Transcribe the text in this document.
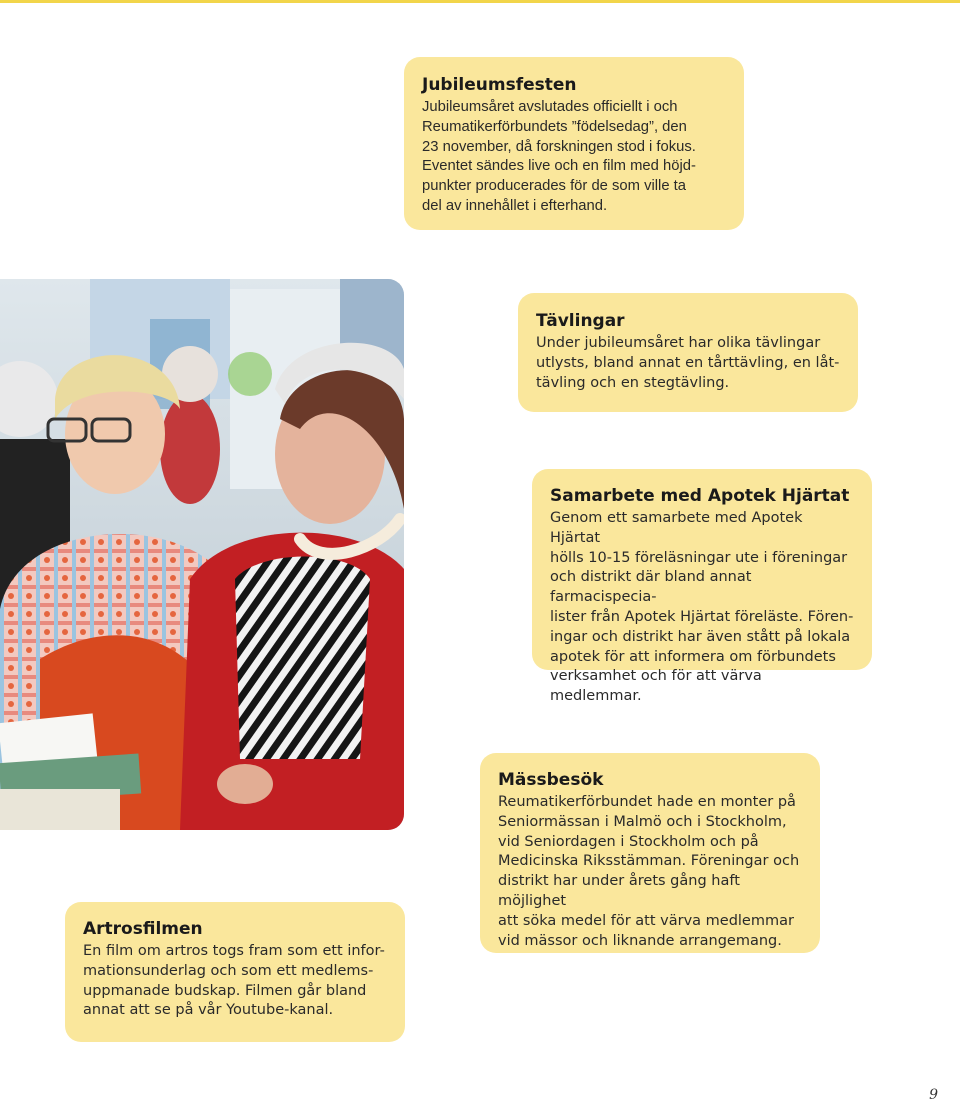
Jubileumsfesten

Jubileumsåret avslutades officiellt i och
Reumatikerförbundets ”födelsedag”, den
23 november, då forskningen stod i fokus.
Eventet sändes live och en film med höjd-
punkter producerades för de som ville ta
del av innehållet i efterhand.

Tävlingar

Under jubileumsåret har olika tävlingar
utlysts, bland annat en tårttävling, en låt-
tävling och en stegtävling.

Samarbete med Apotek Hjärtat

Genom ett samarbete med Apotek Hjärtat
hölls 10-15 föreläsningar ute i föreningar
och distrikt där bland annat farmacispecia-
lister från Apotek Hjärtat föreläste. Fören-
ingar och distrikt har även stått på lokala
apotek för att informera om förbundets
verksamhet och för att värva medlemmar.

Mässbesök

Reumatikerförbundet hade en monter på
Seniormässan i Malmö och i Stockholm,
vid Seniordagen i Stockholm och på
Medicinska Riksstämman. Föreningar och
distrikt har under årets gång haft möjlighet
att söka medel för att värva medlemmar
vid mässor och liknande arrangemang.

Artrosfilmen

En film om artros togs fram som ett infor-
mationsunderlag och som ett medlems-
uppmanade budskap. Filmen går bland
annat att se på vår Youtube-kanal.

9
